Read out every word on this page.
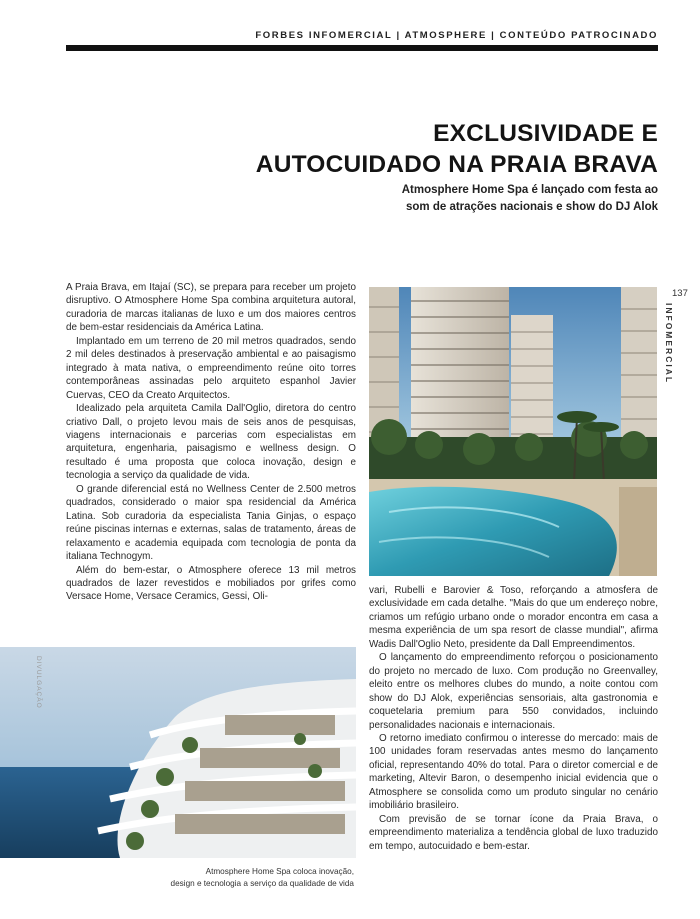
FORBES INFOMERCIAL | ATMOSPHERE | CONTEÚDO PATROCINADO
EXCLUSIVIDADE E
AUTOCUIDADO NA PRAIA BRAVA
Atmosphere Home Spa é lançado com festa ao
som de atrações nacionais e show do DJ Alok

A Praia Brava, em Itajaí (SC), se prepara para receber um projeto disruptivo. O Atmosphere Home Spa combina arquitetura autoral, curadoria de marcas italianas de luxo e um dos maiores centros de bem-estar residenciais da América Latina.

Implantado em um terreno de 20 mil metros quadrados, sendo 2 mil deles destinados à preservação ambiental e ao paisagismo integrado à mata nativa, o empreendimento reúne oito torres contemporâneas assinadas pelo arquiteto espanhol Javier Cuervas, CEO da Creato Arquitectos.

Idealizado pela arquiteta Camila Dall'Oglio, diretora do centro criativo Dall, o projeto levou mais de seis anos de pesquisas, viagens internacionais e parcerias com especialistas em arquitetura, engenharia, paisagismo e wellness design. O resultado é uma proposta que coloca inovação, design e tecnologia a serviço da qualidade de vida.

O grande diferencial está no Wellness Center de 2.500 metros quadrados, considerado o maior spa residencial da América Latina. Sob curadoria da especialista Tania Ginjas, o espaço reúne piscinas internas e externas, salas de tratamento, áreas de relaxamento e academia equipada com tecnologia de ponta da italiana Technogym.

Além do bem-estar, o Atmosphere oferece 13 mil metros quadrados de lazer revestidos e mobiliados por grifes como Versace Home, Versace Ceramics, Gessi, Oli-

vari, Rubelli e Barovier & Toso, reforçando a atmosfera de exclusividade em cada detalhe. "Mais do que um endereço nobre, criamos um refúgio urbano onde o morador encontra em casa a mesma experiência de um spa resort de classe mundial", afirma Wadis Dall'Oglio Neto, presidente da Dall Empreendimentos.

O lançamento do empreendimento reforçou o posicionamento do projeto no mercado de luxo. Com produção no Greenvalley, eleito entre os melhores clubes do mundo, a noite contou com show do DJ Alok, experiências sensoriais, alta gastronomia e coquetelaria premium para 550 convidados, incluindo personalidades nacionais e internacionais.

O retorno imediato confirmou o interesse do mercado: mais de 100 unidades foram reservadas antes mesmo do lançamento oficial, representando 40% do total. Para o diretor comercial e de marketing, Altevir Baron, o desempenho inicial evidencia que o Atmosphere se consolida como um produto singular no cenário imobiliário brasileiro.

Com previsão de se tornar ícone da Praia Brava, o empreendimento materializa a tendência global de luxo traduzido em tempo, autocuidado e bem-estar.

DIVULGAÇÃO
Atmosphere Home Spa coloca inovação,
design e tecnologia a serviço da qualidade de vida
137
INFOMERCIAL
